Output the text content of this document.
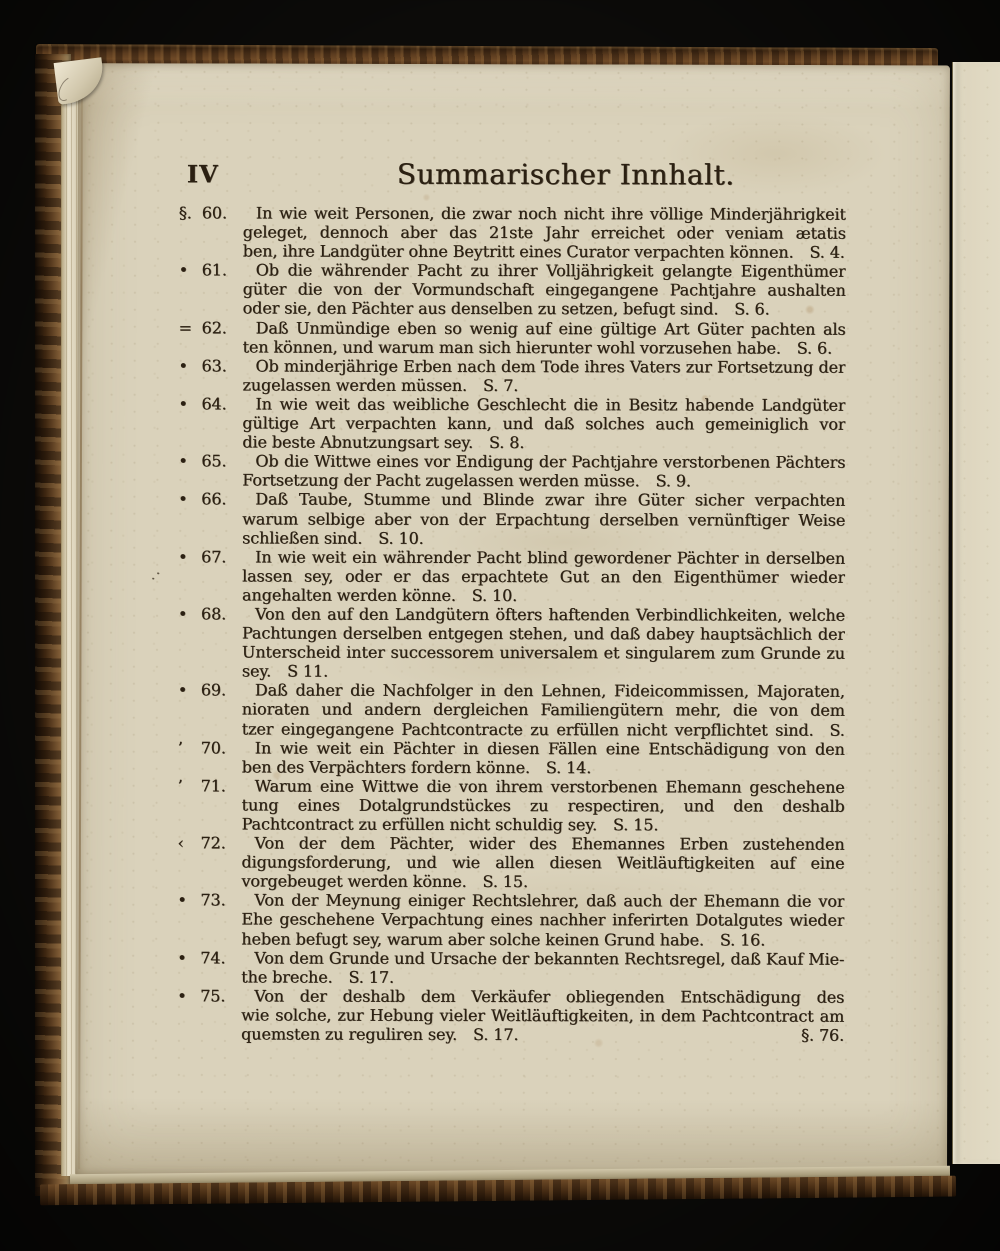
IV	Summarischer Innhalt.
.·
§. 60.	In wie weit Personen, die zwar noch nicht ihre völlige Minderjährigkeit
geleget, dennoch aber das 21ste Jahr erreichet oder veniam ætatis
ben, ihre Landgüter ohne Beytritt eines Curator verpachten können. S. 4.
• 61.	Ob die währender Pacht zu ihrer Volljährigkeit gelangte Eigenthümer
güter die von der Vormundschaft eingegangene Pachtjahre aushalten
oder sie, den Pächter aus denselben zu setzen, befugt sind. S. 6.
= 62.	Daß Unmündige eben so wenig auf eine gültige Art Güter pachten als
ten können, und warum man sich hierunter wohl vorzusehen habe. S. 6.
• 63.	Ob minderjährige Erben nach dem Tode ihres Vaters zur Fortsetzung der
zugelassen werden müssen. S. 7.
• 64.	In wie weit das weibliche Geschlecht die in Besitz habende Landgüter
gültige Art verpachten kann, und daß solches auch gemeiniglich vor
die beste Abnutzungsart sey. S. 8.
• 65.	Ob die Wittwe eines vor Endigung der Pachtjahre verstorbenen Pächters
Fortsetzung der Pacht zugelassen werden müsse. S. 9.
• 66.	Daß Taube, Stumme und Blinde zwar ihre Güter sicher verpachten
warum selbige aber von der Erpachtung derselben vernünftiger Weise
schließen sind. S. 10.
• 67.	In wie weit ein währender Pacht blind gewordener Pächter in derselben
lassen sey, oder er das erpachtete Gut an den Eigenthümer wieder
angehalten werden könne. S. 10.
• 68.	Von den auf den Landgütern öfters haftenden Verbindlichkeiten, welche
Pachtungen derselben entgegen stehen, und daß dabey hauptsächlich der
Unterscheid inter successorem universalem et singularem zum Grunde zu
sey. S 11.
• 69.	Daß daher die Nachfolger in den Lehnen, Fideicommissen, Majoraten,
nioraten und andern dergleichen Familiengütern mehr, die von dem
tzer eingegangene Pachtcontracte zu erfüllen nicht verpflichtet sind. S.
’ 70.	In wie weit ein Pächter in diesen Fällen eine Entschädigung von den
ben des Verpächters fordern könne. S. 14.
’ 71.	Warum eine Wittwe die von ihrem verstorbenen Ehemann geschehene
tung eines Dotalgrundstückes zu respectiren, und den deshalb
Pachtcontract zu erfüllen nicht schuldig sey. S. 15.
‹ 72.	Von der dem Pächter, wider des Ehemannes Erben zustehenden
digungsforderung, und wie allen diesen Weitläuftigkeiten auf eine
vorgebeuget werden könne. S. 15.
• 73.	Von der Meynung einiger Rechtslehrer, daß auch der Ehemann die vor
Ehe geschehene Verpachtung eines nachher inferirten Dotalgutes wieder
heben befugt sey, warum aber solche keinen Grund habe. S. 16.
• 74.	Von dem Grunde und Ursache der bekannten Rechtsregel, daß Kauf Mie-
the breche. S. 17.
• 75.	Von der deshalb dem Verkäufer obliegenden Entschädigung des
wie solche, zur Hebung vieler Weitläuftigkeiten, in dem Pachtcontract am
quemsten zu reguliren sey. S. 17.	§. 76.
